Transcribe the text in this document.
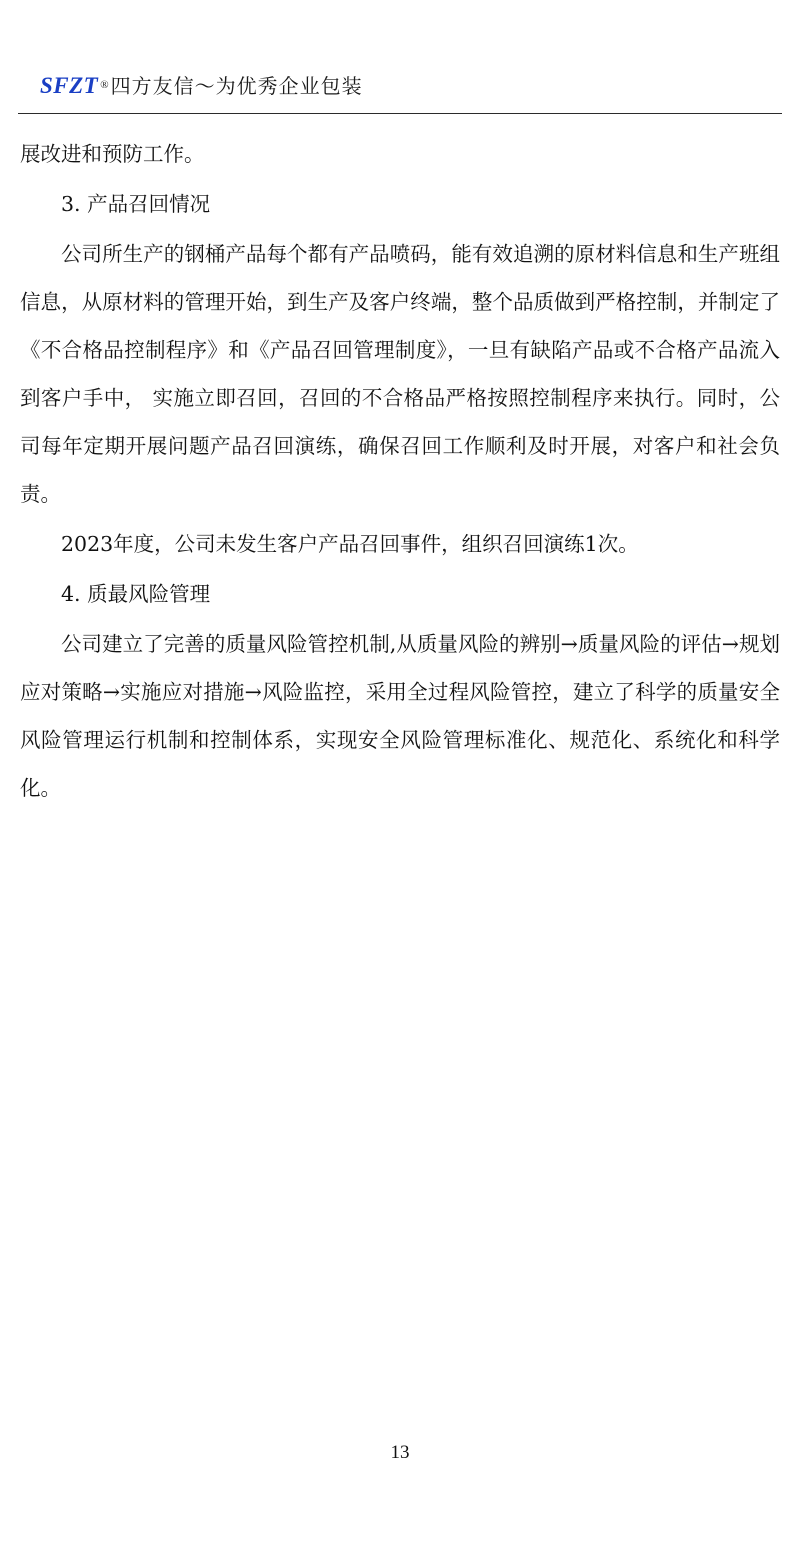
SFZT ® 四方友信～为优秀企业包装

展改进和预防工作。

3. 产品召回情况

公司所生产的钢桶产品每个都有产品喷码，能有效追溯的原材料信息和生产班组信息，从原材料的管理开始，到生产及客户终端，整个品质做到严格控制，并制定了《不合格品控制程序》和《产品召回管理制度》，一旦有缺陷产品或不合格产品流入到客户手中， 实施立即召回，召回的不合格品严格按照控制程序来执行。同时，公司每年定期开展问题产品召回演练，确保召回工作顺利及时开展，对客户和社会负责。

2023年度，公司未发生客户产品召回事件，组织召回演练1次。

4. 质最风险管理

公司建立了完善的质量风险管控机制,从质量风险的辨别→质量风险的评估→规划应对策略→实施应对措施→风险监控，采用全过程风险管控，建立了科学的质量安全风险管理运行机制和控制体系，实现安全风险管理标准化、规范化、系统化和科学化。

13
